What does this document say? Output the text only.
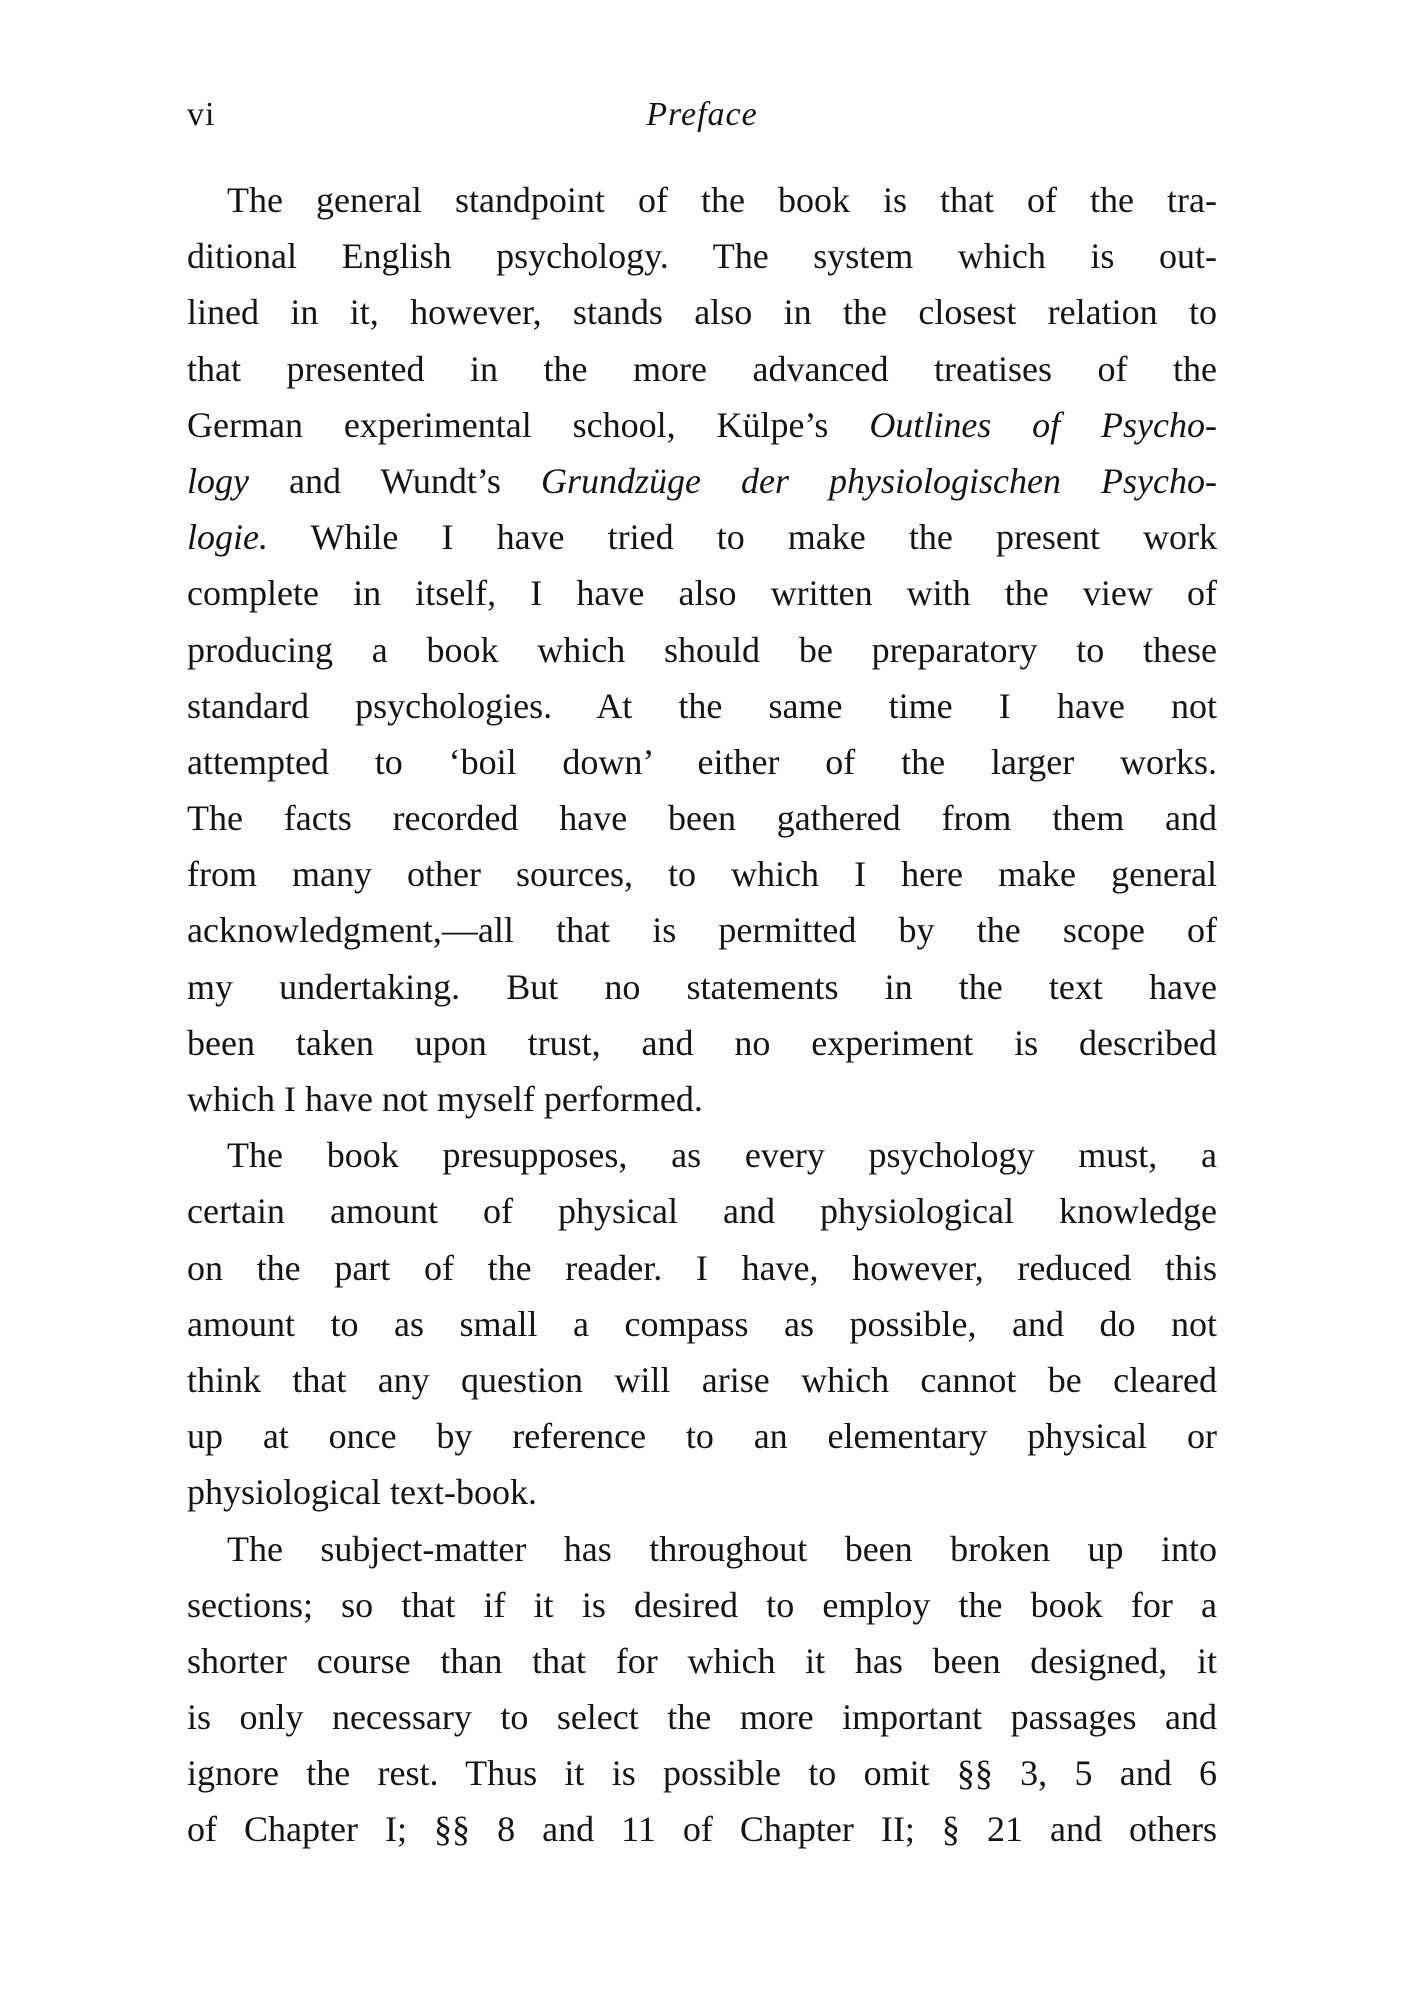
vi	Preface
The general standpoint of the book is that of the tra-
ditional English psychology. The system which is out-
lined in it, however, stands also in the closest relation to
that presented in the more advanced treatises of the
German experimental school, Külpe’s Outlines of Psycho-
logy and Wundt’s Grundzüge der physiologischen Psycho-
logie. While I have tried to make the present work
complete in itself, I have also written with the view of
producing a book which should be preparatory to these
standard psychologies. At the same time I have not
attempted to ‘boil down’ either of the larger works.
The facts recorded have been gathered from them and
from many other sources, to which I here make general
acknowledgment,—all that is permitted by the scope of
my undertaking. But no statements in the text have
been taken upon trust, and no experiment is described
which I have not myself performed.
The book presupposes, as every psychology must, a
certain amount of physical and physiological knowledge
on the part of the reader. I have, however, reduced this
amount to as small a compass as possible, and do not
think that any question will arise which cannot be cleared
up at once by reference to an elementary physical or
physiological text-book.
The subject-matter has throughout been broken up into
sections; so that if it is desired to employ the book for a
shorter course than that for which it has been designed, it
is only necessary to select the more important passages and
ignore the rest. Thus it is possible to omit §§ 3, 5 and 6
of Chapter I; §§ 8 and 11 of Chapter II; § 21 and others
